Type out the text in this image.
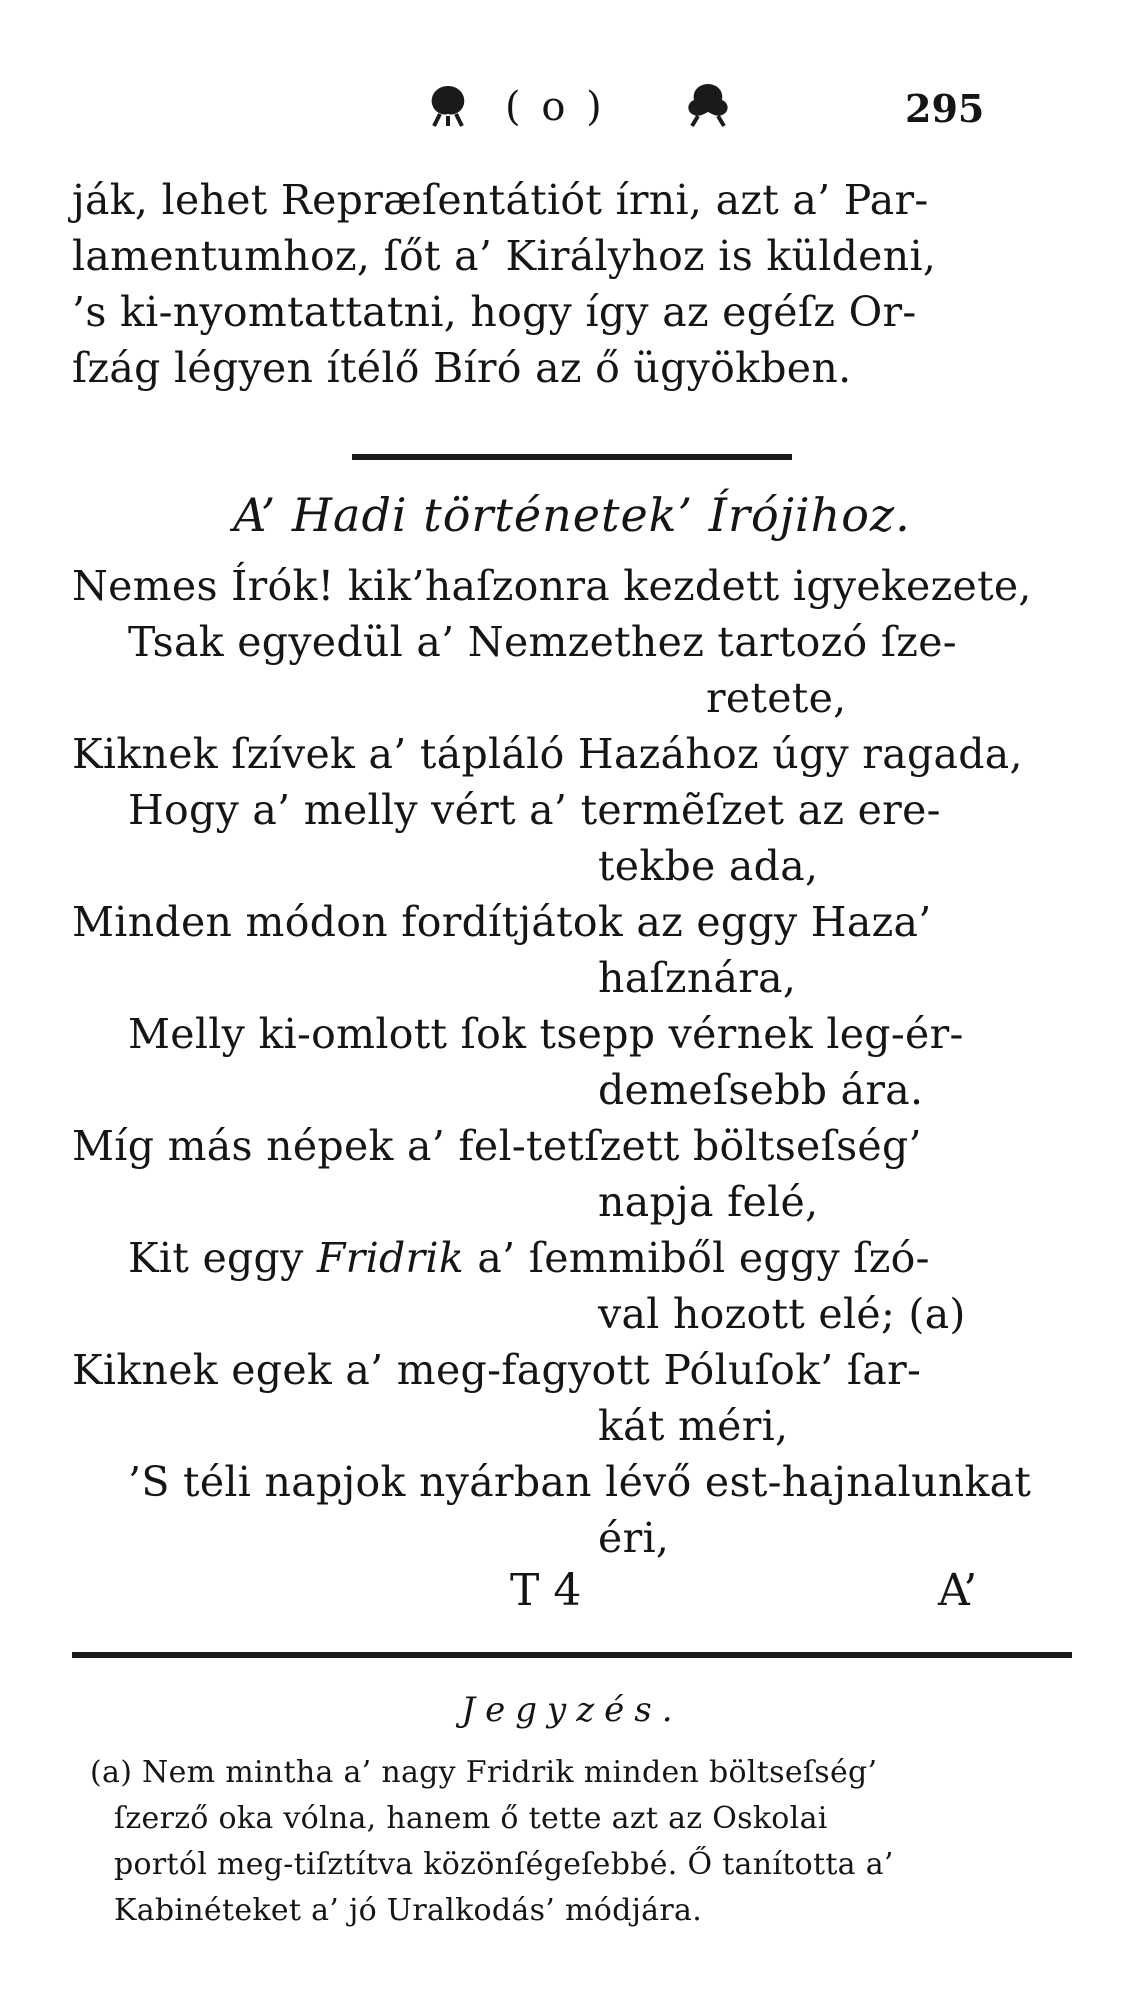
( o )	295
ják, lehet Repræſentátiót írni, azt a’ Par-
lamentumhoz, ſőt a’ Királyhoz is küldeni,
’s ki-nyomtattatni, hogy így az egéſz Or-
ſzág légyen ítélő Bíró az ő ügyökben.
A’ Hadi történetek’ Írójihoz.
Nemes Írók! kik’haſzonra kezdett igyekezete,
Tsak egyedül a’ Nemzethez tartozó ſze-
retete,
Kiknek ſzívek a’ tápláló Hazához úgy ragada,
Hogy a’ melly vért a’ termẽſzet az ere-
tekbe ada,
Minden módon fordítjátok az eggy Haza’
haſznára,
Melly ki-omlott ſok tsepp vérnek leg-ér-
demeſsebb ára.
Míg más népek a’ fel-tetſzett böltseſség’
napja felé,
Kit eggy Fridrik a’ ſemmiből eggy ſzó-
val hozott elé; (a)
Kiknek egek a’ meg-fagyott Póluſok’ ſar-
kát méri,
’S téli napjok nyárban lévő est-hajnalunkat
éri,
T 4	A’
Jegyzés.
(a) Nem mintha a’ nagy Fridrik minden böltseſség’
ſzerző oka vólna, hanem ő tette azt az Oskolai
portól meg-tiſztítva közönſégeſebbé. Ő tanította a’
Kabinéteket a’ jó Uralkodás’ módjára.
